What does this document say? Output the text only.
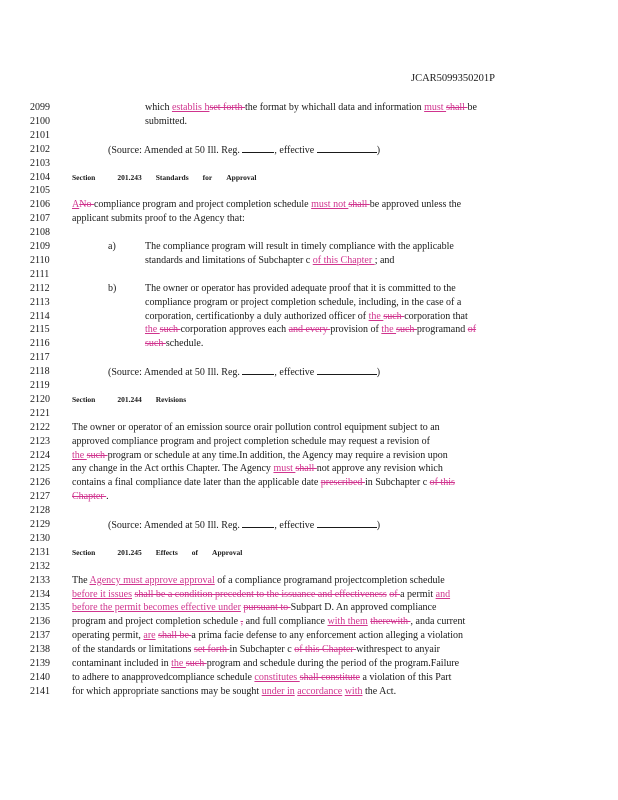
JCAR5099350201P
2099	which establis hset forth the format by whichall data and information must shall be
2100	submitted.
2101
2102	(Source: Amended at 50 Ill. Reg.	, effective	)
2103
2104	Section	201.243 Standards for Approval
2105
2106	ANo compliance program and project completion schedule must not shall be approved unless the
2107	applicant submits proof to the Agency that:
2108
2109	a)	The compliance program will result in timely compliance with the applicable
2110	standards and limitations of Subchapter c of this Chapter ; and
2111
2112	b)	The owner or operator has provided adequate proof that it is committed to the
2113	compliance program or project completion schedule, including, in the case of a
2114	corporation, certificationby a duly authorized officer of the such corporation that
2115	the such corporation approves each and every provision of the such programand of
2116	such schedule.
2117
2118	(Source: Amended at 50 Ill. Reg.	, effective	)
2119
2120	Section	201.244 Revisions
2121
2122	The owner or operator of an emission source orair pollution control equipment subject to an
2123	approved compliance program and project completion schedule may request a revision of
2124	the such program or schedule at any time.In addition, the Agency may require a revision upon
2125	any change in the Act orthis Chapter. The Agency must shall not approve any revision which
2126	contains a final compliance date later than the applicable date prescribed in Subchapter c of this
2127	Chapter .
2128
2129	(Source: Amended at 50 Ill. Reg.	, effective	)
2130
2131	Section	201.245 Effects of Approval
2132
2133	The Agency must approve approval of a compliance programand projectcompletion schedule
2134	before it issues shall be a condition precedent to the issuance and effectiveness of a permit and
2135	before the permit becomes effective under pursuant to Subpart D. An approved compliance
2136	program and project completion schedule , and full compliance with them therewith , anda current
2137	operating permit, are shall be a prima facie defense to any enforcement action alleging a violation
2138	of the standards or limitations set forth in Subchapter c of this Chapter withrespect to anyair
2139	contaminant included in the such program and schedule during the period of the program.Failure
2140	to adhere to anapprovedcompliance schedule constitutes shall constitute a violation of this Part
2141	for which appropriate sanctions may be sought under in accordance with the Act.
